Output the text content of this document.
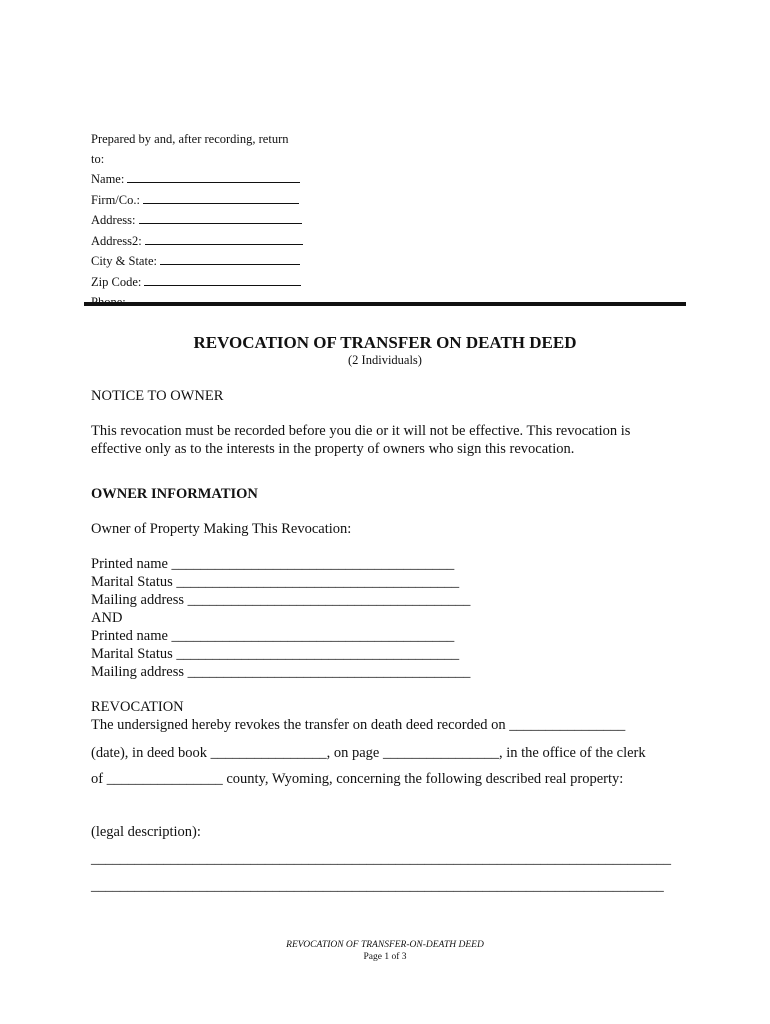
Prepared by and, after recording, return
to:
Name:
Firm/Co.:
Address:
Address2:
City & State:
Zip Code:
REVOCATION OF TRANSFER ON DEATH DEED
(2 Individuals)
NOTICE TO OWNER
This revocation must be recorded before you die or it will not be effective. This revocation is
effective only as to the interests in the property of owners who sign this revocation.
OWNER INFORMATION
Owner of Property Making This Revocation:
Printed name _______________________________________
Marital Status _______________________________________
Mailing address _______________________________________
AND
Printed name _______________________________________
Marital Status _______________________________________
Mailing address _______________________________________
REVOCATION
The undersigned hereby revokes the transfer on death deed recorded on ________________
(date), in deed book ________________, on page ________________, in the office of the clerk
of ________________ county, Wyoming, concerning the following described real property:
(legal description):
________________________________________________________________________________
_______________________________________________________________________________
REVOCATION OF TRANSFER-ON-DEATH DEED
Page 1 of 3
